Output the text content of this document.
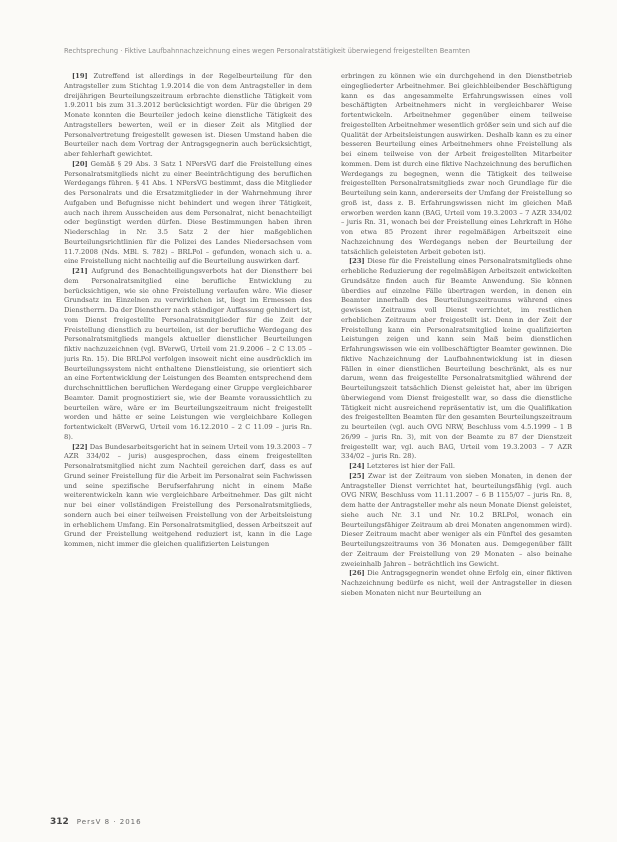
Rechtsprechung · Fiktive Laufbahnnachzeichnung eines wegen Personalratstätigkeit überwiegend freigestellten Beamten

[19] Zutreffend ist allerdings in der Regelbeurteilung für den Antragsteller zum Stichtag 1.9.2014 die von dem Antragsteller in dem dreijährigen Beurteilungszeitraum erbrachte dienstliche Tätigkeit vom 1.9.2011 bis zum 31.3.2012 berücksichtigt worden. Für die übrigen 29 Monate konnten die Beurteiler jedoch keine dienstliche Tätigkeit des Antragstellers bewerten, weil er in dieser Zeit als Mitglied der Personalvertretung freigestellt gewesen ist. Diesen Umstand haben die Beurteiler nach dem Vortrag der Antragsgegnerin auch berücksichtigt, aber fehlerhaft gewichtet.

[20] Gemäß § 29 Abs. 3 Satz 1 NPersVG darf die Freistellung eines Personalratsmitglieds nicht zu einer Beeinträchtigung des beruflichen Werdegangs führen. § 41 Abs. 1 NPersVG bestimmt, dass die Mitglieder des Personalrats und die Ersatzmitglieder in der Wahrnehmung ihrer Aufgaben und Befugnisse nicht behindert und wegen ihrer Tätigkeit, auch nach ihrem Ausscheiden aus dem Personalrat, nicht benachteiligt oder begünstigt werden dürfen. Diese Bestimmungen haben ihren Niederschlag in Nr. 3.5 Satz 2 der hier maßgeblichen Beurteilungsrichtlinien für die Polizei des Landes Niedersachsen vom 11.7.2008 (Nds. MBl. S. 782) – BRLPol – gefunden, wonach sich u. a. eine Freistellung nicht nachteilig auf die Beurteilung auswirken darf.

[21] Aufgrund des Benachteiligungsverbots hat der Dienstherr bei dem Personalratsmitglied eine berufliche Entwicklung zu berücksichtigen, wie sie ohne Freistellung verlaufen wäre. Wie dieser Grundsatz im Einzelnen zu verwirklichen ist, liegt im Ermessen des Dienstherrn. Da der Dienstherr nach ständiger Auffassung gehindert ist, vom Dienst freigestellte Personalratsmitglieder für die Zeit der Freistellung dienstlich zu beurteilen, ist der berufliche Werdegang des Personalratsmitglieds mangels aktueller dienstlicher Beurteilungen fiktiv nachzuzeichnen (vgl. BVerwG, Urteil vom 21.9.2006 – 2 C 13.05 – juris Rn. 15). Die BRLPol verfolgen insoweit nicht eine ausdrücklich im Beurteilungssystem nicht enthaltene Dienstleistung, sie orientiert sich an eine Fortentwicklung der Leistungen des Beamten entsprechend dem durchschnittlichen beruflichen Werdegang einer Gruppe vergleichbarer Beamter. Damit prognostiziert sie, wie der Beamte voraussichtlich zu beurteilen wäre, wäre er im Beurteilungszeitraum nicht freigestellt worden und hätte er seine Leistungen wie vergleichbare Kollegen fortentwickelt (BVerwG, Urteil vom 16.12.2010 – 2 C 11.09 – juris Rn. 8).

[22] Das Bundesarbeitsgericht hat in seinem Urteil vom 19.3.2003 – 7 AZR 334/02 – juris) ausgesprochen, dass einem freigestellten Personalratsmitglied nicht zum Nachteil gereichen darf, dass es auf Grund seiner Freistellung für die Arbeit im Personalrat sein Fachwissen und seine spezifische Berufserfahrung nicht in einem Maße weiterentwickeln kann wie vergleichbare Arbeitnehmer. Das gilt nicht nur bei einer vollständigen Freistellung des Personalratsmitglieds, sondern auch bei einer teilweisen Freistellung von der Arbeitsleistung in erheblichem Umfang. Ein Personalratsmitglied, dessen Arbeitszeit auf Grund der Freistellung weitgehend reduziert ist, kann in die Lage kommen, nicht immer die gleichen qualifizierten Leistungen

erbringen zu können wie ein durchgehend in den Dienstbetrieb eingegliederter Arbeitnehmer. Bei gleichbleibender Beschäftigung kann es das angesammelte Erfahrungswissen eines voll beschäftigten Arbeitnehmers nicht in vergleichbarer Weise fortentwickeln. Arbeitnehmer gegenüber einem teilweise freigestellten Arbeitnehmer wesentlich größer sein und sich auf die Qualität der Arbeitsleistungen auswirken. Deshalb kann es zu einer besseren Beurteilung eines Arbeitnehmers ohne Freistellung als bei einem teilweise von der Arbeit freigestellten Mitarbeiter kommen. Dem ist durch eine fiktive Nachzeichnung des beruflichen Werdegangs zu begegnen, wenn die Tätigkeit des teilweise freigestellten Personalratsmitglieds zwar noch Grundlage für die Beurteilung sein kann, andererseits der Umfang der Freistellung so groß ist, dass z. B. Erfahrungswissen nicht im gleichen Maß erworben werden kann (BAG, Urteil vom 19.3.2003 – 7 AZR 334/02 – juris Rn. 31, wonach bei der Freistellung eines Lehrkraft in Höhe von etwa 85 Prozent ihrer regelmäßigen Arbeitszeit eine Nachzeichnung des Werdegangs neben der Beurteilung der tatsächlich geleisteten Arbeit geboten ist).

[23] Diese für die Freistellung eines Personalratsmitglieds ohne erhebliche Reduzierung der regelmäßigen Arbeitszeit entwickelten Grundsätze finden auch für Beamte Anwendung. Sie können überdies auf einzelne Fälle übertragen werden, in denen ein Beamter innerhalb des Beurteilungszeitraums während eines gewissen Zeitraums voll Dienst verrichtet, im restlichen erheblichen Zeitraum aber freigestellt ist. Denn in der Zeit der Freistellung kann ein Personalratsmitglied keine qualifizierten Leistungen zeigen und kann sein Maß beim dienstlichen Erfahrungswissen wie ein vollbeschäftigter Beamter gewinnen. Die fiktive Nachzeichnung der Laufbahnentwicklung ist in diesen Fällen in einer dienstlichen Beurteilung beschränkt, als es nur darum, wenn das freigestellte Personalratsmitglied während der Beurteilungszeit tatsächlich Dienst geleistet hat, aber im übrigen überwiegend vom Dienst freigestellt war, so dass die dienstliche Tätigkeit nicht ausreichend repräsentativ ist, um die Qualifikation des freigestellten Beamten für den gesamten Beurteilungszeitraum zu beurteilen (vgl. auch OVG NRW, Beschluss vom 4.5.1999 – 1 B 26/99 – juris Rn. 3), mit von der Beamte zu 87 der Dienstzeit freigestellt war, vgl. auch BAG, Urteil vom 19.3.2003 – 7 AZR 334/02 – juris Rn. 28).

[24] Letzteres ist hier der Fall.

[25] Zwar ist der Zeitraum von sieben Monaten, in denen der Antragsteller Dienst verrichtet hat, beurteilungsfähig (vgl. auch OVG NRW, Beschluss vom 11.11.2007 – 6 B 1155/07 – juris Rn. 8, dem hatte der Antragsteller mehr als neun Monate Dienst geleistet, siehe auch Nr. 3.1 und Nr. 10.2 BRLPol, wonach ein Beurteilungsfähiger Zeitraum ab drei Monaten angenommen wird). Dieser Zeitraum macht aber weniger als ein Fünftel des gesamten Beurteilungszeitraums von 36 Monaten aus. Demgegenüber fällt der Zeitraum der Freistellung von 29 Monaten – also beinahe zweieinhalb Jahren – beträchtlich ins Gewicht.

[26] Die Antragsgegnerin wendet ohne Erfolg ein, einer fiktiven Nachzeichnung bedürfe es nicht, weil der Antragsteller in diesen sieben Monaten nicht nur Beurteilung an

312 PersV 8 · 2016
